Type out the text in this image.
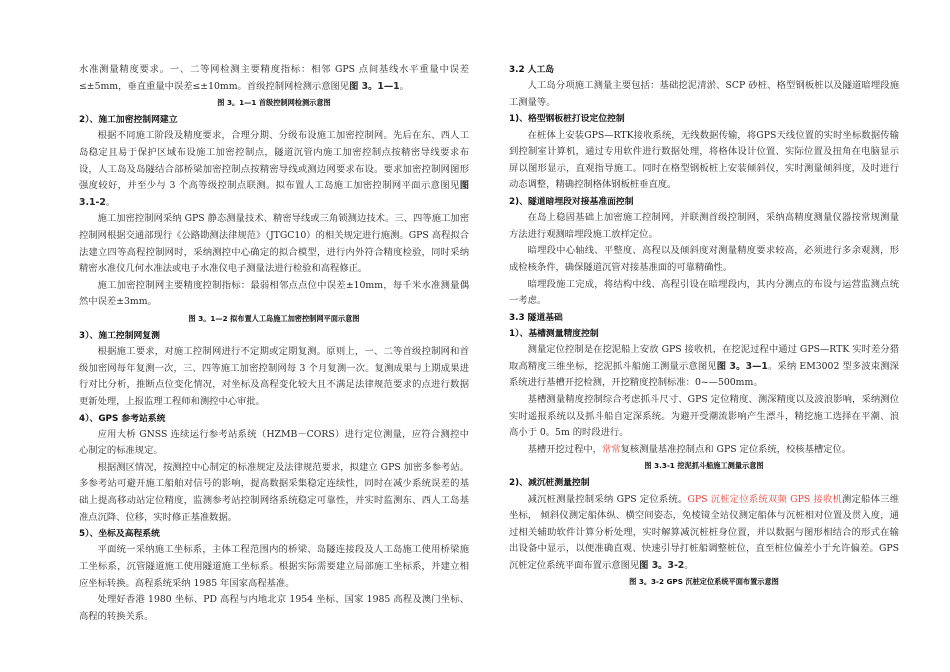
水准测量精度要求。一、二等网检测主要精度指标：相邻 GPS 点间基线水平重量中误差≤±5mm，垂直重量中误差≤±10mm。首级控制网检测示意图见图 3。1—1。

图 3。1—1 首级控制网检测示意图
2）、施工加密控制网建立

根据不同施工阶段及精度要求，合理分期、分级布设施工加密控制网。先后在东、西人工岛稳定且易于保护区域布设施工加密控制点，隧道沉管内施工加密控制点按精密导线要求布设，人工岛及岛隧结合部桥梁加密控制点按精密导线或测边网要求布设。要求加密控制网图形强度较好，并至少与 3 个高等级控制点联测。拟布置人工岛施工加密控制网平面示意图见图 3.1-2。

施工加密控制网采纳 GPS 静态测量技术、精密导线或三角锁测边技术。三、四等施工加密控制网根据交通部现行《公路勘测法律规范》（JTGC10）的相关规定进行施测。GPS 高程拟合法建立四等高程控制网时，采纳测控中心确定的拟合模型，进行内外符合精度检验，同时采纳精密水准仪几何水准法或电子水准仪电子测量法进行检验和高程修正。

施工加密控制网主要精度控制指标：最弱相邻点点位中误差±10mm，每千米水准测量偶然中误差±3mm。

图 3。1—2 拟布置人工岛施工加密控制网平面示意图
3）、施工控制网复测

根据施工要求，对施工控制网进行不定期或定期复测。原则上，一、二等首级控制网和首级加密网每年复测一次，三、四等施工加密控制网每 3 个月复测一次。复测成果与上期成果进行对比分析，推断点位变化情况，对坐标及高程变化较大且不满足法律规范要求的点进行数据更新处理，上报监理工程师和测控中心审批。

4）、GPS 参考站系统

应用大桥 GNSS 连续运行参考站系统（HZMB－CORS）进行定位测量，应符合测控中心制定的标准规定。

根据测区情况，按测控中心制定的标准规定及法律规范要求，拟建立 GPS 加密多参考站。多参考站可避开施工船舶对信号的影响，提高数据采集稳定连续性，同时在减少系统误差的基础上提高移动站定位精度，监测参考站控制网络系统稳定可靠性，并实时监测东、西人工岛基准点沉降、位移，实时修正基准数据。

5）、坐标及高程系统

平面统一采纳施工坐标系，主体工程范围内的桥梁、岛隧连接段及人工岛施工使用桥梁施工坐标系，沉管隧道施工使用隧道施工坐标系。根据实际需要建立局部施工坐标系，并建立相应坐标转换。高程系统采纳 1985 年国家高程基准。

处理好香港 1980 坐标、PD 高程与内地北京 1954 坐标、国家 1985 高程及澳门坐标、高程的转换关系。

3.2 人工岛

人工岛分项施工测量主要包括：基础挖泥清淤、SCP 砂桩、格型钢板桩以及隧道暗埋段施工测量等。

1)、格型钢板桩打设定位控制

在桩体上安装GPS—RTK接收系统，无线数据传输，将GPS天线位置的实时坐标数据传输到控制室计算机，通过专用软件进行数据处理，将格体设计位置、实际位置及扭角在电脑显示屏以图形显示，直观指导施工。同时在格型钢板桩上安装倾斜仪，实时测量倾斜度，及时进行动态调整，精确控制格体钢板桩垂直度。

2)、隧道暗埋段对接基准面控制

在岛上稳固基础上加密施工控制网，并联测首级控制网，采纳高精度测量仪器按常规测量方法进行观测暗埋段施工放样定位。

暗埋段中心轴线、平整度、高程以及倾斜度对测量精度要求较高，必须进行多余观测，形成检核条件，确保隧道沉管对接基准面的可靠精确性。

暗埋段施工完成，将结构中线、高程引设在暗埋段内，其内分测点的布设与运营监测点统一考虑。

3.3 隧道基础
1）、基槽测量精度控制

测量定位控制是在挖泥船上安放 GPS 接收机，在挖泥过程中通过 GPS—RTK 实时差分猎取高精度三维坐标，挖泥抓斗船施工测量示意图见图 3。3—1。采纳 EM3002 型多波束测深系统进行基槽开挖检测，开挖精度控制标准：0~—500mm。

基槽测量精度控制综合考虑抓斗尺寸、GPS 定位精度、测深精度以及波浪影响，采纳测位实时遥报系统以及抓斗船自定深系统。为避开受潮流影响产生漂斗，精挖施工选择在平潮、浪高小于 0。5m 的时段进行。

基槽开挖过程中，常常复核测量基准控制点和 GPS 定位系统，校核基槽定位。

图 3.3-1 挖泥抓斗船施工测量示意图
2)、减沉桩测量控制

减沉桩测量控制采纳 GPS 定位系统。GPS 沉桩定位系统双频 GPS 接收机测定船体三维坐标， 倾斜仪测定船体纵、横空间姿态，免棱镜全站仪测定船体与沉桩相对位置及贯入度，通过相关辅助软件计算分析处理，实时解算减沉桩桩身位置，并以数据与图形相结合的形式在输出设备中显示，以便准确直观、快速引导打桩船调整桩位，直至桩位偏差小于允许偏差。GPS 沉桩定位系统平面布置示意图见图 3。3-2。

图 3。3-2 GPS 沉桩定位系统平面布置示意图
